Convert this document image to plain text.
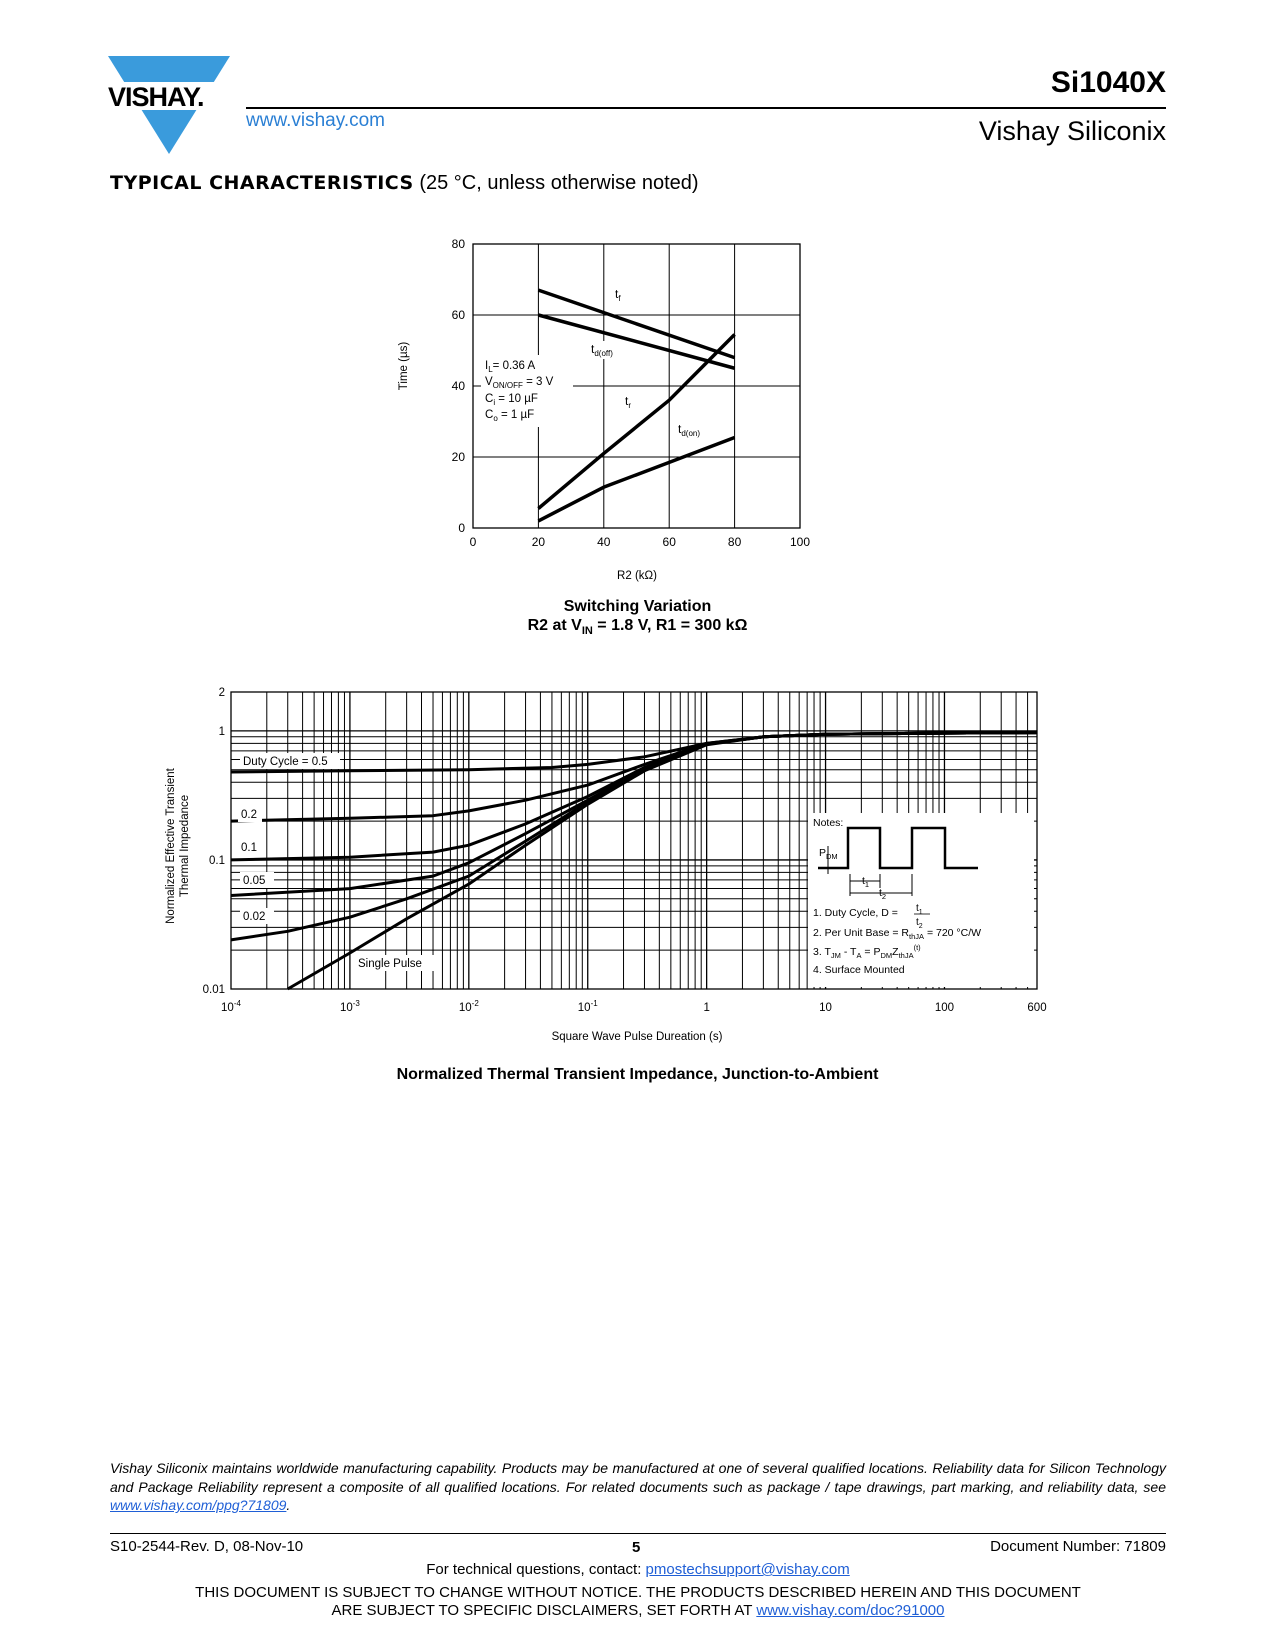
VISHAY.
www.vishay.com
Si1040X
Vishay Siliconix
TYPICAL CHARACTERISTICS (25 °C, unless otherwise noted)
0	20	40	60	80	100
0
20
40
60
80
Time (µs)
R2 (kΩ)
$I_L= 0.36$ A
$V_{ON/OFF} = 3$ V
$C_i = 10$ µF
$C_o = 1$ µF
$t_f$
$t_{d(off)}$
$t_r$
$t_{d(on)}$
Switching Variation
R2 at $V_{IN} = 1.8$ V, R1 = 300 kΩ
2
1
0.1
0.01
$10^{-4}$	$10^{-3}$	$10^{-2}$	$10^{-1}$	1	10	100	600
Duty Cycle = 0.5
0.2
0.1
0.05
0.02
Single Pulse
Notes:
$P_{DM}$
$t_1$
$t_2$
1. Duty Cycle, $D = t_1$
$t_2$
2. Per Unit Base = $R_{thJA} = 720$ °C/W
3. $T_{JM} - T_A = P_{DM}Z_{thJA}^{(t)}$
4. Surface Mounted
Normalized Effective Transient Thermal Impedance
Square Wave Pulse Dureation (s)
Normalized Thermal Transient Impedance, Junction-to-Ambient
Vishay Siliconix maintains worldwide manufacturing capability. Products may be manufactured at one of several qualified locations. Reliability data for Silicon Technology and Package Reliability represent a composite of all qualified locations. For related documents such as package / tape drawings, part marking, and reliability data, see www.vishay.com/ppg?71809.
S10-2544-Rev. D, 08-Nov-10	5	Document Number: 71809
For technical questions, contact: pmostechsupport@vishay.com
THIS DOCUMENT IS SUBJECT TO CHANGE WITHOUT NOTICE. THE PRODUCTS DESCRIBED HEREIN AND THIS DOCUMENT
ARE SUBJECT TO SPECIFIC DISCLAIMERS, SET FORTH AT www.vishay.com/doc?91000
